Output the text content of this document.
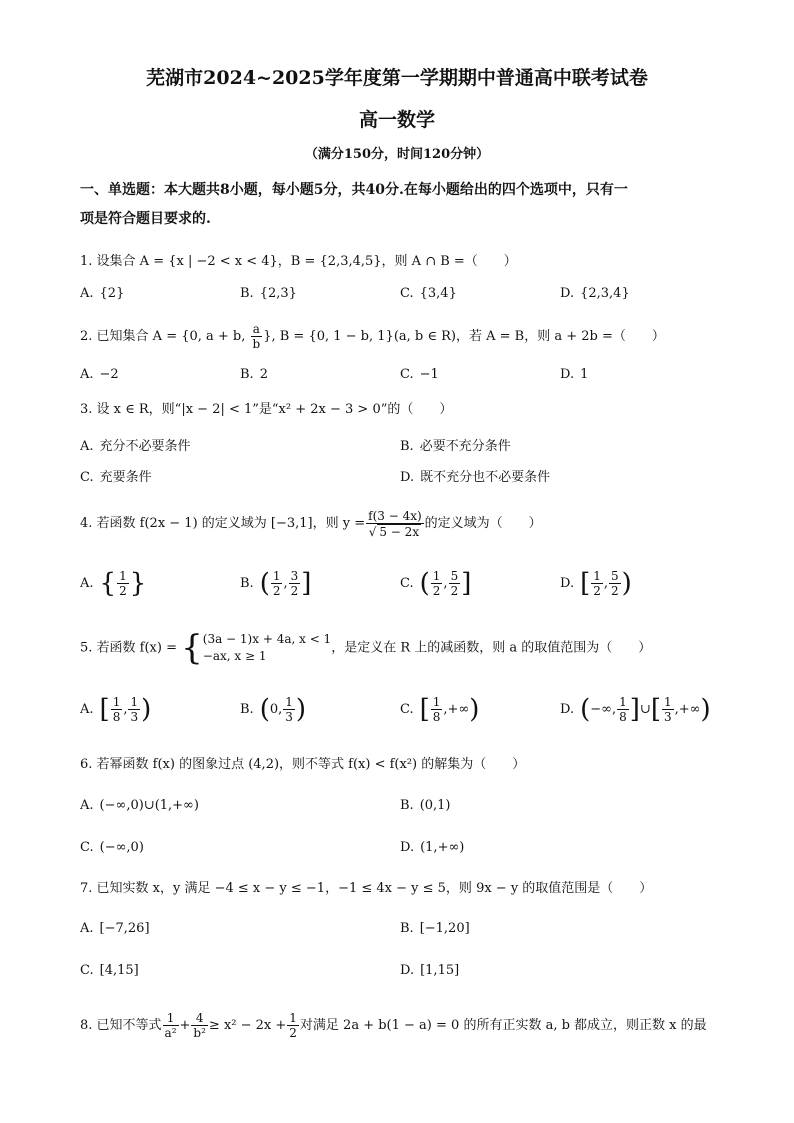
芜湖市2024~2025学年度第一学期期中普通高中联考试卷
高一数学
（满分150分，时间120分钟）
一、单选题：本大题共8小题，每小题5分，共40分.在每小题给出的四个选项中，只有一
项是符合题目要求的.
1. 设集合 A = {x | −2 < x < 4}，B = {2,3,4,5}，则 A ∩ B =（　　）
A. {2}	B. {2,3}	C. {3,4}	D. {2,3,4}
2. 已知集合 A = {0, a + b, $\frac{a}{b}$ }, B = {0, 1 − b, 1}(a, b ∈ R)，若 A = B，则 a + 2b =（　　）
A. −2	B. 2	C. −1	D. 1
3. 设 x ∈ R，则“|x − 2| < 1”是“x² + 2x − 3 > 0”的（　　）
A. 充分不必要条件	B. 必要不充分条件
C. 充要条件	D. 既不充分也不必要条件
4. 若函数 f(2x − 1) 的定义域为 [−3,1]，则 $y = \frac{f(3 - 4x)}{√ 5 - 2x}$ 的定义域为（　　）
A. { $\frac{1}{2}$ }	B. ( $\frac{1}{2}$ , $\frac{3}{2}$ ]	C. ( $\frac{1}{2}$ , $\frac{5}{2}$ ]	D. [ $\frac{1}{2}$ , $\frac{5}{2}$ )
5. 若函数 f(x) = { (3a − 1)x + 4a, x < 1
−ax, x ≥ 1	，是定义在 R 上的减函数，则 a 的取值范围为（　　）
A. [ $\frac{1}{8}$ , $\frac{1}{3}$ )	B. (0, $\frac{1}{3}$ )	C. [ $\frac{1}{8}$ ,+∞)	D. (−∞, $\frac{1}{8}$ ]∪[ $\frac{1}{3}$ ,+∞)
6. 若幂函数 f(x) 的图象过点 (4,2)，则不等式 f(x) < f(x²) 的解集为（　　）
A. (−∞,0)∪(1,+∞)	B. (0,1)
C. (−∞,0)	D. (1,+∞)
7. 已知实数 x，y 满足 −4 ≤ x − y ≤ −1，−1 ≤ 4x − y ≤ 5，则 9x − y 的取值范围是（　　）
A. [−7,26]	B. [−1,20]
C. [4,15]	D. [1,15]
8. 已知不等式 $\frac{1}{\text{a²}} + \frac{4}{\text{b²}} \ge x^2 - 2x + \frac{1}{2}$ 对满足 2a + b(1 − a) = 0 的所有正实数 a, b 都成立，则正数 x 的最
